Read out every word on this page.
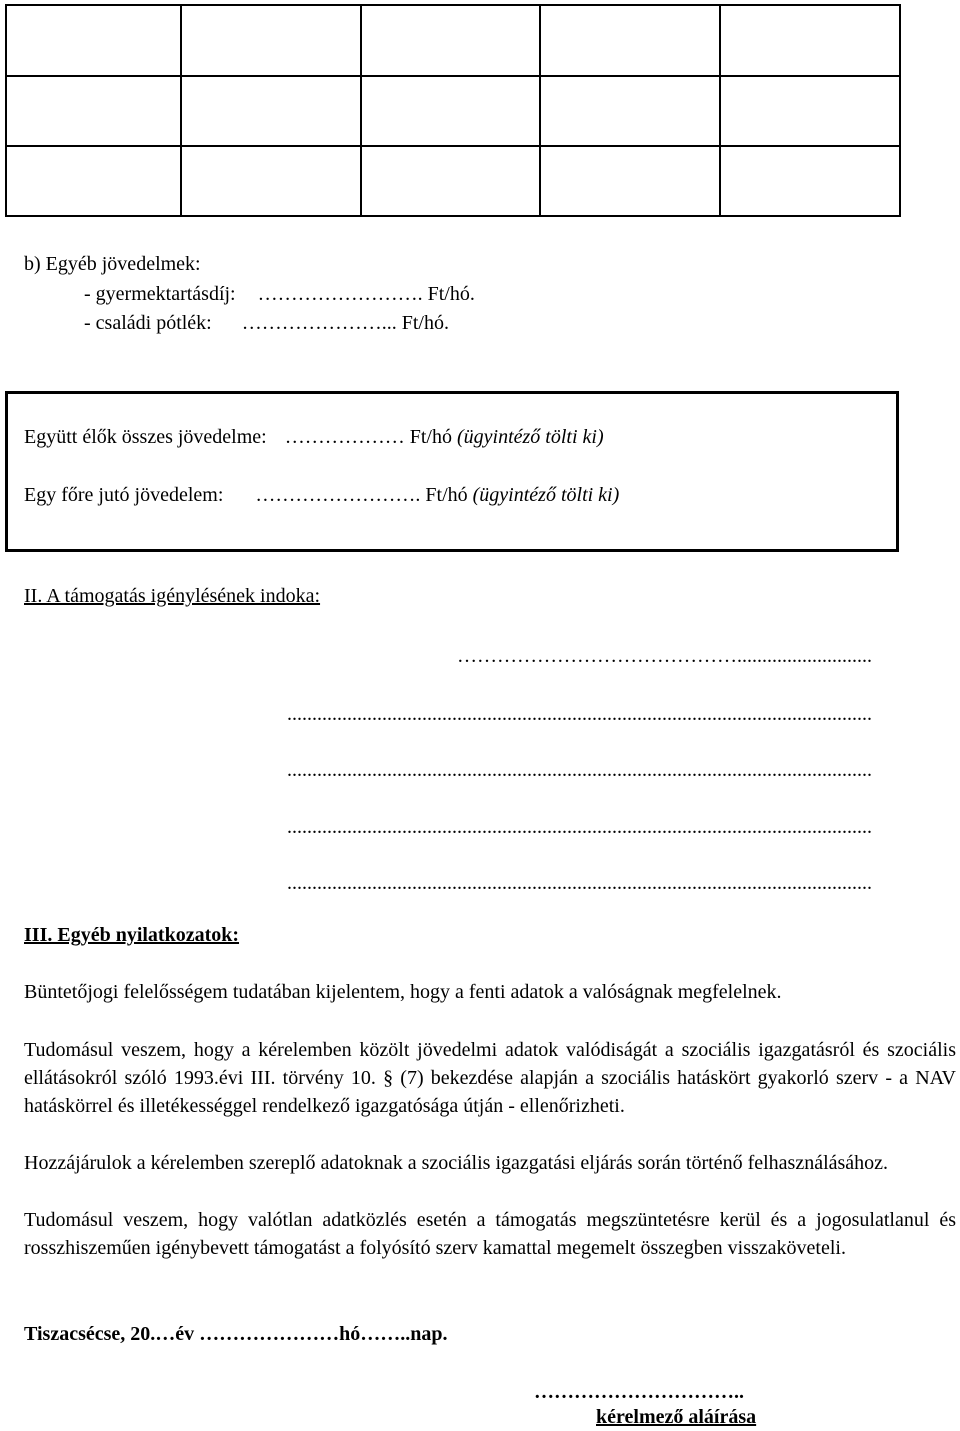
b) Egyéb jövedelmek:
- gyermektartásdíj: ……………………. Ft/hó.
- családi pótlék: …………………... Ft/hó.
Együtt élők összes jövedelme: ……………… Ft/hó (ügyintéző tölti ki)
Egy főre jutó jövedelem: ……………………. Ft/hó (ügyintéző tölti ki)
II. A támogatás igénylésének indoka:
……………………………………...........................
.....................................................................................................................
.....................................................................................................................
.....................................................................................................................
.....................................................................................................................
III. Egyéb nyilatkozatok:
Büntetőjogi felelősségem tudatában kijelentem, hogy a fenti adatok a valóságnak megfelelnek.
Tudomásul veszem, hogy a kérelemben közölt jövedelmi adatok valódiságát a szociális igazgatásról és szociális ellátásokról szóló 1993.évi III. törvény 10. § (7) bekezdése alapján a szociális hatáskört gyakorló szerv - a NAV hatáskörrel és illetékességgel rendelkező igazgatósága útján - ellenőrizheti.
Hozzájárulok a kérelemben szereplő adatoknak a szociális igazgatási eljárás során történő felhasználásához.
Tudomásul veszem, hogy valótlan adatközlés esetén a támogatás megszüntetésre kerül és a jogosulatlanul és rosszhiszeműen igénybevett támogatást a folyósító szerv kamattal megemelt összegben visszaköveteli.
Tiszacsécse, 20.…év …………………hó……..nap.
…………………………..
kérelmező aláírása
